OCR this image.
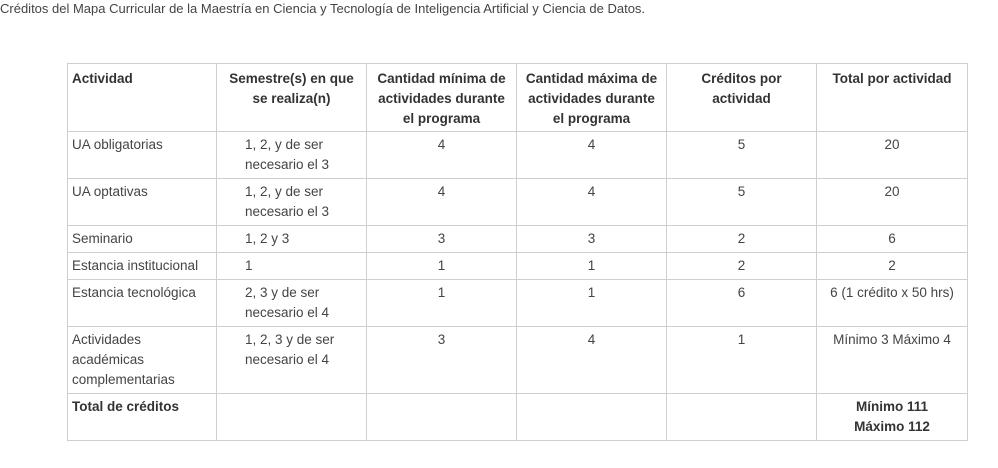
Créditos del Mapa Curricular de la Maestría en Ciencia y Tecnología de Inteligencia Artificial y Ciencia de Datos.
Actividad	Semestre(s) en que se realiza(n)	Cantidad mínima de actividades durante el programa	Cantidad máxima de actividades durante el programa	Créditos por actividad	Total por actividad
UA obligatorias	1, 2, y de ser necesario el 3	4	4	5	20
UA optativas	1, 2, y de ser necesario el 3	4	4	5	20
Seminario	1, 2 y 3	3	3	2	6
Estancia institucional	1	1	1	2	2
Estancia tecnológica	2, 3 y de ser necesario el 4	1	1	6	6 (1 crédito x 50 hrs)
Actividades académicas complementarias	1, 2, 3 y de ser necesario el 4	3	4	1	Mínimo 3 Máximo 4
Total de créditos					Mínimo 111
Máximo 112
